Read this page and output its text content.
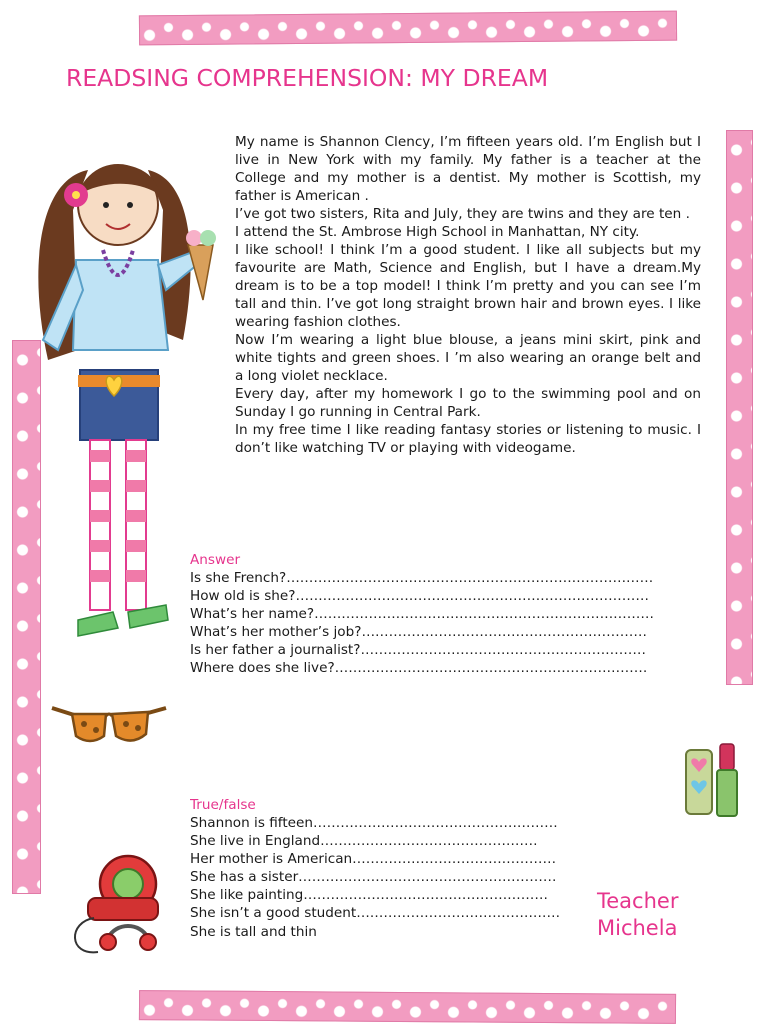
READSING COMPREHENSION: MY DREAM

My name is Shannon Clency, I’m fifteen years old. I’m English but I live in New York with my family. My father is a teacher at the College and my mother is a dentist. My mother is Scottish, my father is American .

I’ve got two sisters, Rita and July, they are twins and they are ten .

I attend the St. Ambrose High School in Manhattan, NY city.

I like school! I think I’m a good student. I like all subjects but my favourite are Math, Science and English, but I have a dream.My dream is to be a top model! I think I’m pretty and you can see I’m tall and thin. I’ve got long straight brown hair and brown eyes. I like wearing fashion clothes.

Now I’m wearing a light blue blouse, a jeans mini skirt, pink and white tights and green shoes. I ’m also wearing an orange belt and a long violet necklace.

Every day, after my homework I go to the swimming pool and on Sunday I go running in Central Park.

In my free time I like reading fantasy stories or listening to music. I don’t like watching TV or playing with videogame.

Answer
Is she French?………………………………………………………………………
How old is she?……………………………………………………………………
What’s her name?…………………………………………………………………
What’s her mother’s job?………………………………………………………
Is her father a journalist?………………………………………………………
Where does she live?……………………………………………………………
True/false
Shannon is fifteen………………………………………………
She live in England…………………………………………
Her mother is American………………………………………
She has a sister…………………………………………………
She like painting………………………………………………
She isn’t a good student………………………………………
She is tall and thin
Teacher
Michela
